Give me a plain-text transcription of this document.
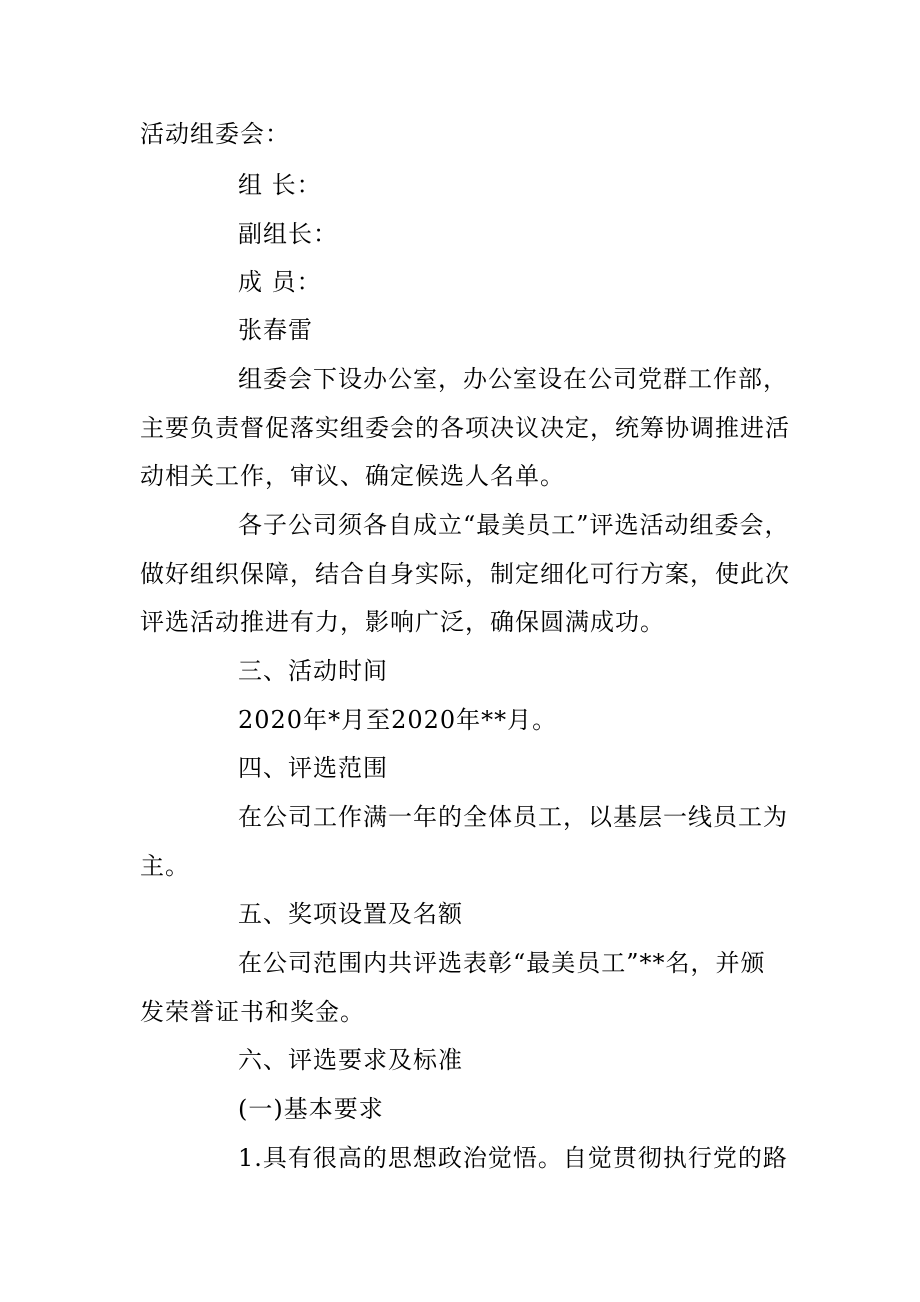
活动组委会：
组 长：
副组长：
成 员：
张春雷
组委会下设办公室，办公室设在公司党群工作部，
主要负责督促落实组委会的各项决议决定，统筹协调推进活
动相关工作，审议、确定候选人名单。
各子公司须各自成立“最美员工”评选活动组委会，
做好组织保障，结合自身实际，制定细化可行方案，使此次
评选活动推进有力，影响广泛，确保圆满成功。
三、活动时间
2020年*月至2020年**月。
四、评选范围
在公司工作满一年的全体员工，以基层一线员工为
主。
五、奖项设置及名额
在公司范围内共评选表彰“最美员工”**名，并颁
发荣誉证书和奖金。
六、评选要求及标准
(一)基本要求
1.具有很高的思想政治觉悟。自觉贯彻执行党的路
